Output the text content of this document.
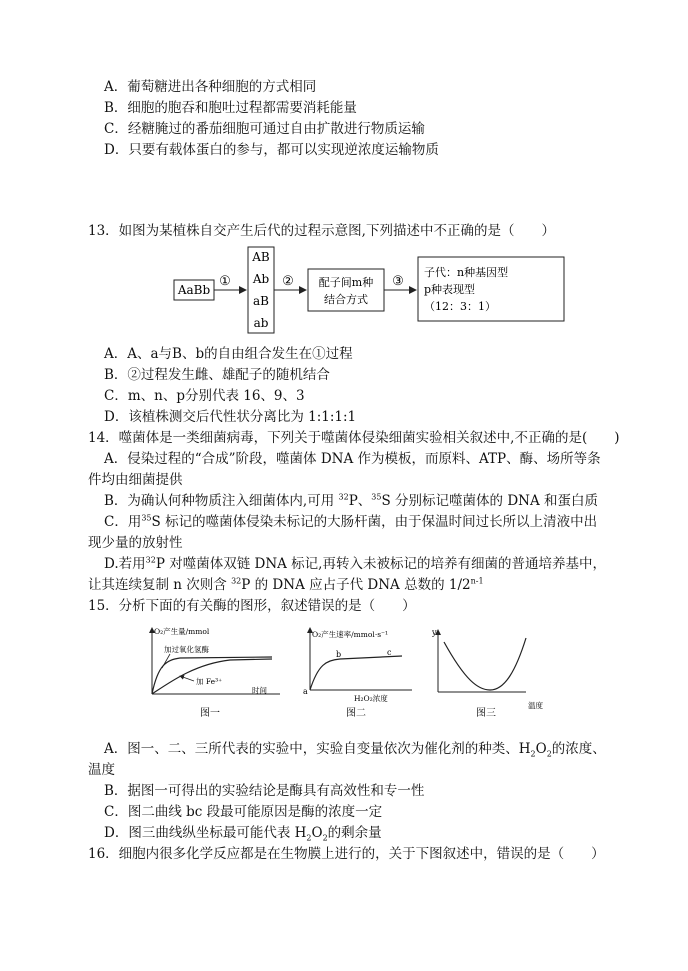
A．葡萄糖进出各种细胞的方式相同
B．细胞的胞吞和胞吐过程都需要消耗能量
C．经糖腌过的番茄细胞可通过自由扩散进行物质运输
D．只要有载体蛋白的参与，都可以实现逆浓度运输物质
13．如图为某植株自交产生后代的过程示意图,下列描述中不正确的是（　　）
AaBb
①
AB
Ab
aB
ab
② 配子间m种
结合方式
③
子代：n种基因型
p种表现型
（12：3：1）
A．A、a与B、b的自由组合发生在①过程
B．②过程发生雌、雄配子的随机结合
C．m、n、p分别代表 16、9、3
D．该植株测交后代性状分离比为 1:1:1:1
14．噬菌体是一类细菌病毒，下列关于噬菌体侵染细菌实验相关叙述中,不正确的是(　　)
A．侵染过程的“合成”阶段，噬菌体 DNA 作为模板，而原料、ATP、酶、场所等条
件均由细菌提供
B．为确认何种物质注入细菌体内,可用 $^{32}$P、$^{35}$S 分别标记噬菌体的 DNA 和蛋白质
C．用$^{35}$S 标记的噬菌体侵染未标记的大肠杆菌，由于保温时间过长所以上清液中出
现少量的放射性
D.若用$^{32}$P 对噬菌体双链 DNA 标记,再转入未被标记的培养有细菌的普通培养基中，
让其连续复制 n 次则含 $^{32}$P 的 DNA 应占子代 DNA 总数的 1/2$^{n-1}$
15．分析下面的有关酶的图形，叙述错误的是（　　）
O₂产生量/mmol
加过氧化氢酶
加 Fe³⁺
时间
图一
O₂产生速率/mmol·s⁻¹
a
b	c
H₂O₂浓度
图二
y
温度
图三
A．图一、二、三所代表的实验中，实验自变量依次为催化剂的种类、$H_2O_2$的浓度、
温度
B．据图一可得出的实验结论是酶具有高效性和专一性
C．图二曲线 bc 段最可能原因是酶的浓度一定
D．图三曲线纵坐标最可能代表 $H_2O_2$的剩余量
16．细胞内很多化学反应都是在生物膜上进行的，关于下图叙述中，错误的是（　　）
